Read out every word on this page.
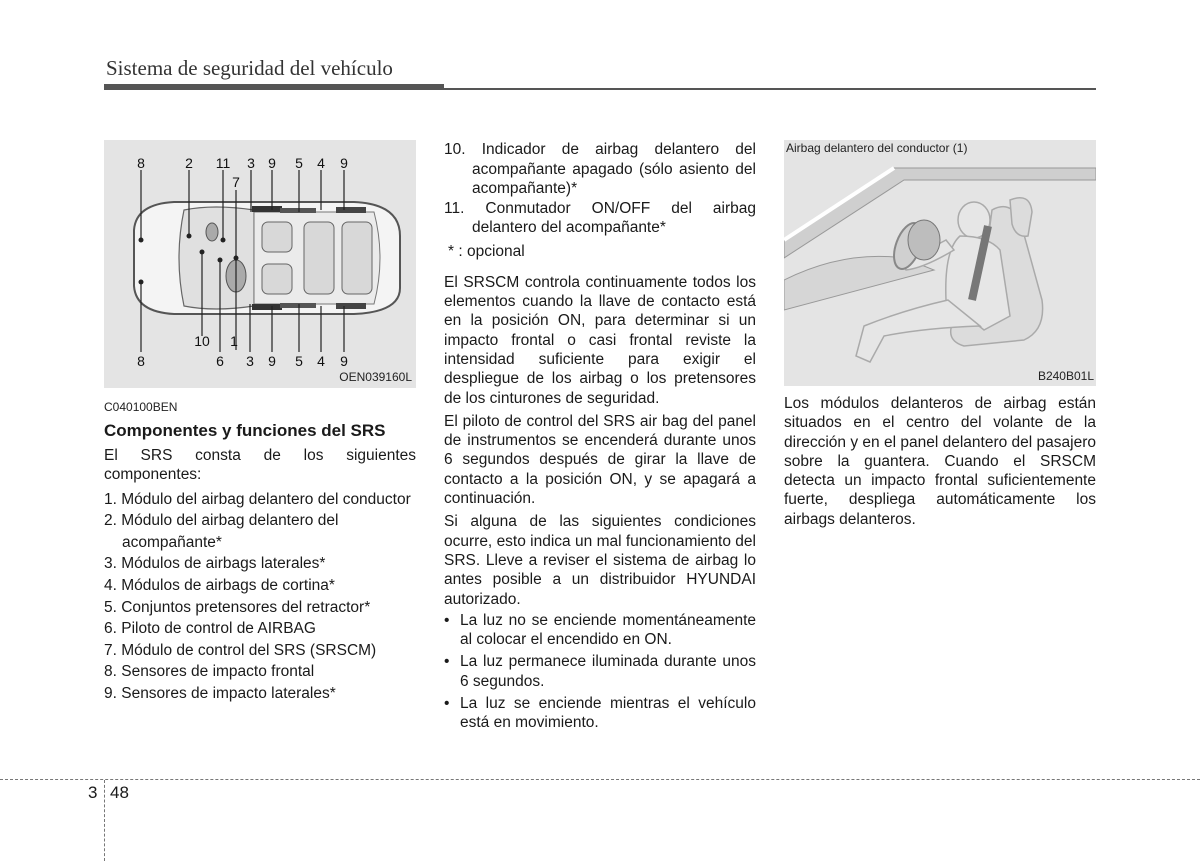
Sistema de seguridad del vehículo
8	2 11 3 9 5 4 9
7
10 1
8	6 3 9 5 4 9
OEN039160L
C040100BEN
Componentes y funciones del SRS

El SRS consta de los siguientes componentes:

1. Módulo del airbag delantero del conductor
2. Módulo del airbag delantero del acompañante*
3. Módulos de airbags laterales*
4. Módulos de airbags de cortina*
5. Conjuntos pretensores del retractor*
6. Piloto de control de AIRBAG
7. Módulo de control del SRS (SRSCM)
8. Sensores de impacto frontal
9. Sensores de impacto laterales*
10. Indicador de airbag delantero del acompañante apagado (sólo asiento del acompañante)*
11. Conmutador ON/OFF del airbag delantero del acompañante*

* : opcional

El SRSCM controla continuamente todos los elementos cuando la llave de contacto está en la posición ON, para determinar si un impacto frontal o casi frontal reviste la intensidad suficiente para exigir el despliegue de los airbag o los pretensores de los cinturones de seguridad.

El piloto de control del SRS air bag del panel de instrumentos se encenderá durante unos 6 segundos después de girar la llave de contacto a la posición ON, y se apagará a continuación.

Si alguna de las siguientes condiciones ocurre, esto indica un mal funcionamiento del SRS. Lleve a reviser el sistema de airbag lo antes posible a un distribuidor HYUNDAI autorizado.

• La luz no se enciende momentáneamente al colocar el encendido en ON.
• La luz permanece iluminada durante unos 6 segundos.
• La luz se enciende mientras el vehículo está en movimiento.
Airbag delantero del conductor (1)
B240B01L

Los módulos delanteros de airbag están situados en el centro del volante de la dirección y en el panel delantero del pasajero sobre la guantera. Cuando el SRSCM detecta un impacto frontal suficientemente fuerte, despliega automáticamente los airbags delanteros.

3 48
